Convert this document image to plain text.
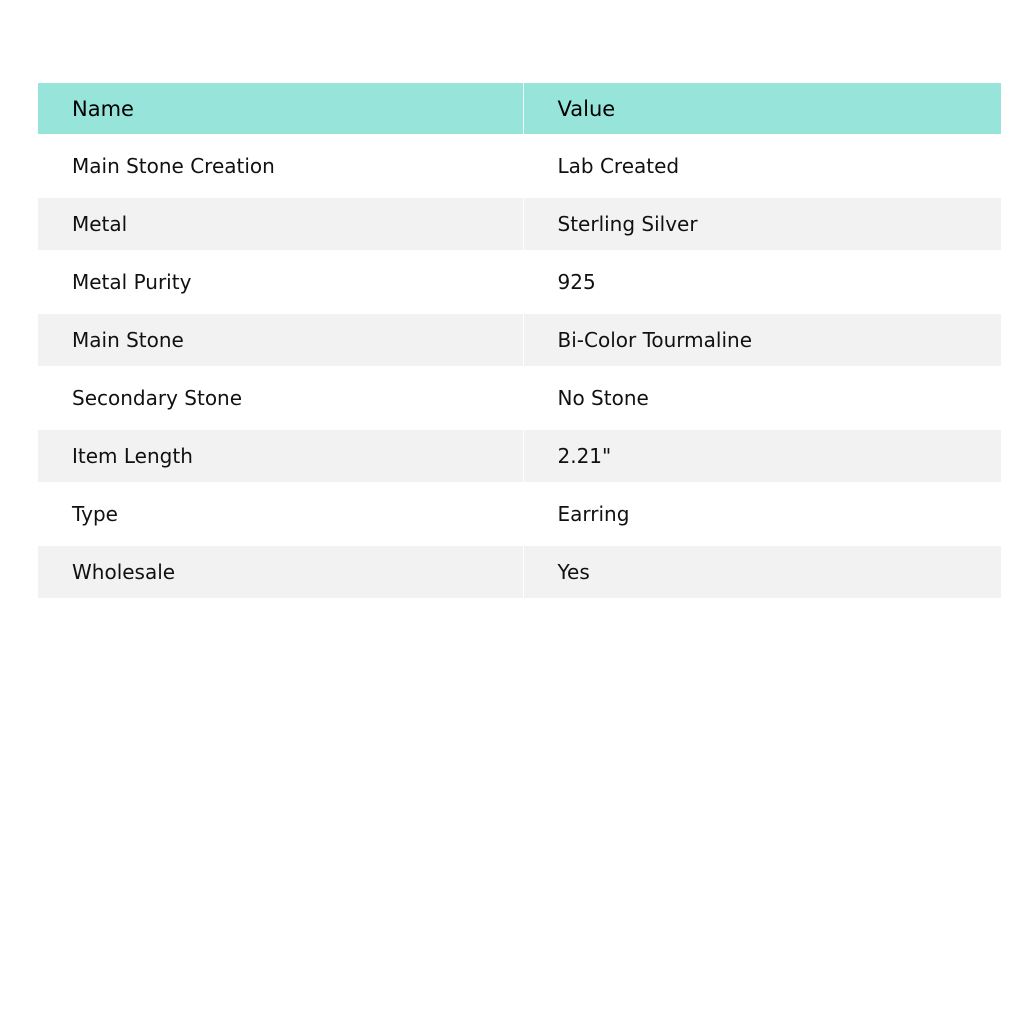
Name	Value
Main Stone Creation	Lab Created
Metal	Sterling Silver
Metal Purity	925
Main Stone	Bi-Color Tourmaline
Secondary Stone	No Stone
Item Length	2.21"
Type	Earring
Wholesale	Yes
